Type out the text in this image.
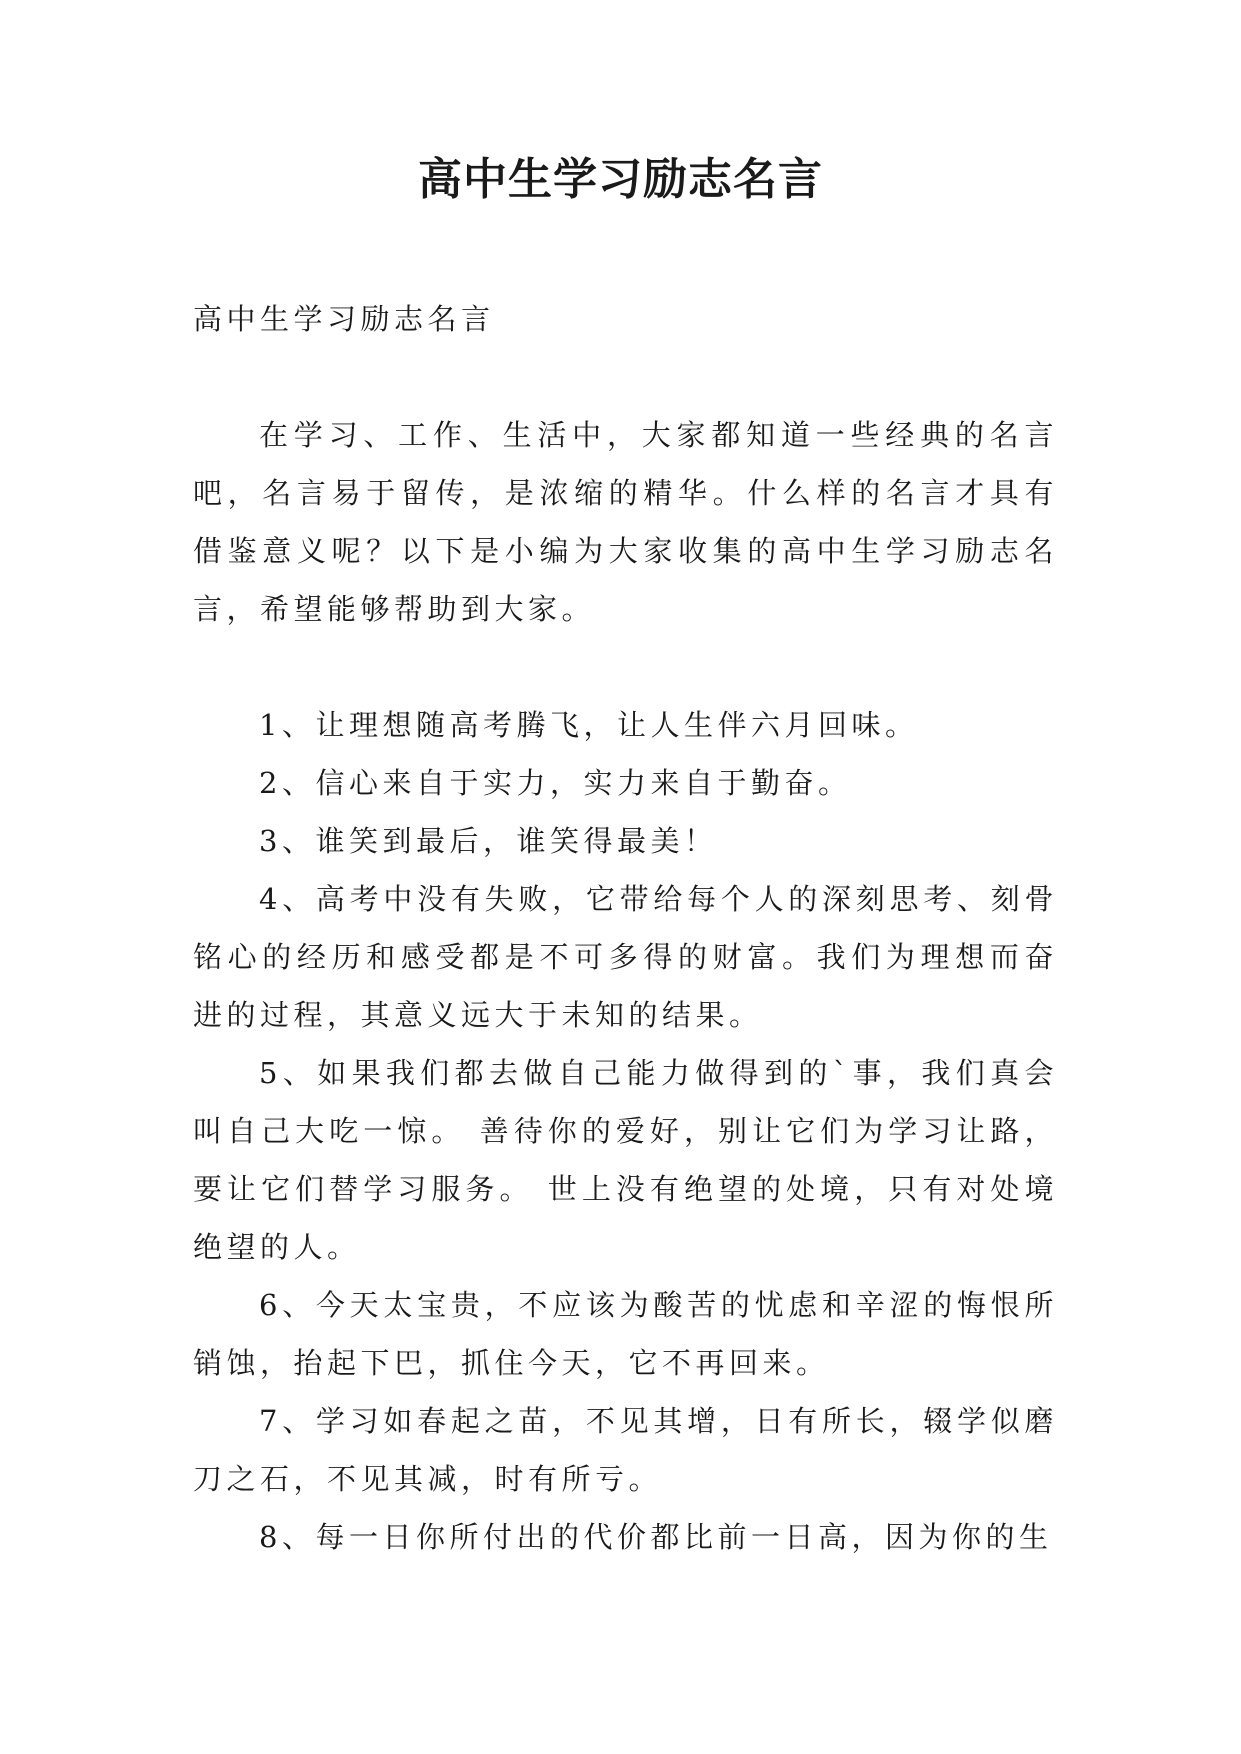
高中生学习励志名言

高中生学习励志名言

在学习、工作、生活中，大家都知道一些经典的名言吧，名言易于留传，是浓缩的精华。什么样的名言才具有借鉴意义呢？以下是小编为大家收集的高中生学习励志名言，希望能够帮助到大家。

1、让理想随高考腾飞，让人生伴六月回味。

2、信心来自于实力，实力来自于勤奋。

3、谁笑到最后，谁笑得最美！

4、高考中没有失败，它带给每个人的深刻思考、刻骨铭心的经历和感受都是不可多得的财富。我们为理想而奋进的过程，其意义远大于未知的结果。

5、如果我们都去做自己能力做得到的`事，我们真会叫自己大吃一惊。 善待你的爱好，别让它们为学习让路，要让它们替学习服务。 世上没有绝望的处境，只有对处境绝望的人。

6、今天太宝贵，不应该为酸苦的忧虑和辛涩的悔恨所销蚀，抬起下巴，抓住今天，它不再回来。

7、学习如春起之苗，不见其增，日有所长，辍学似磨刀之石，不见其减，时有所亏。

8、每一日你所付出的代价都比前一日高，因为你的生
